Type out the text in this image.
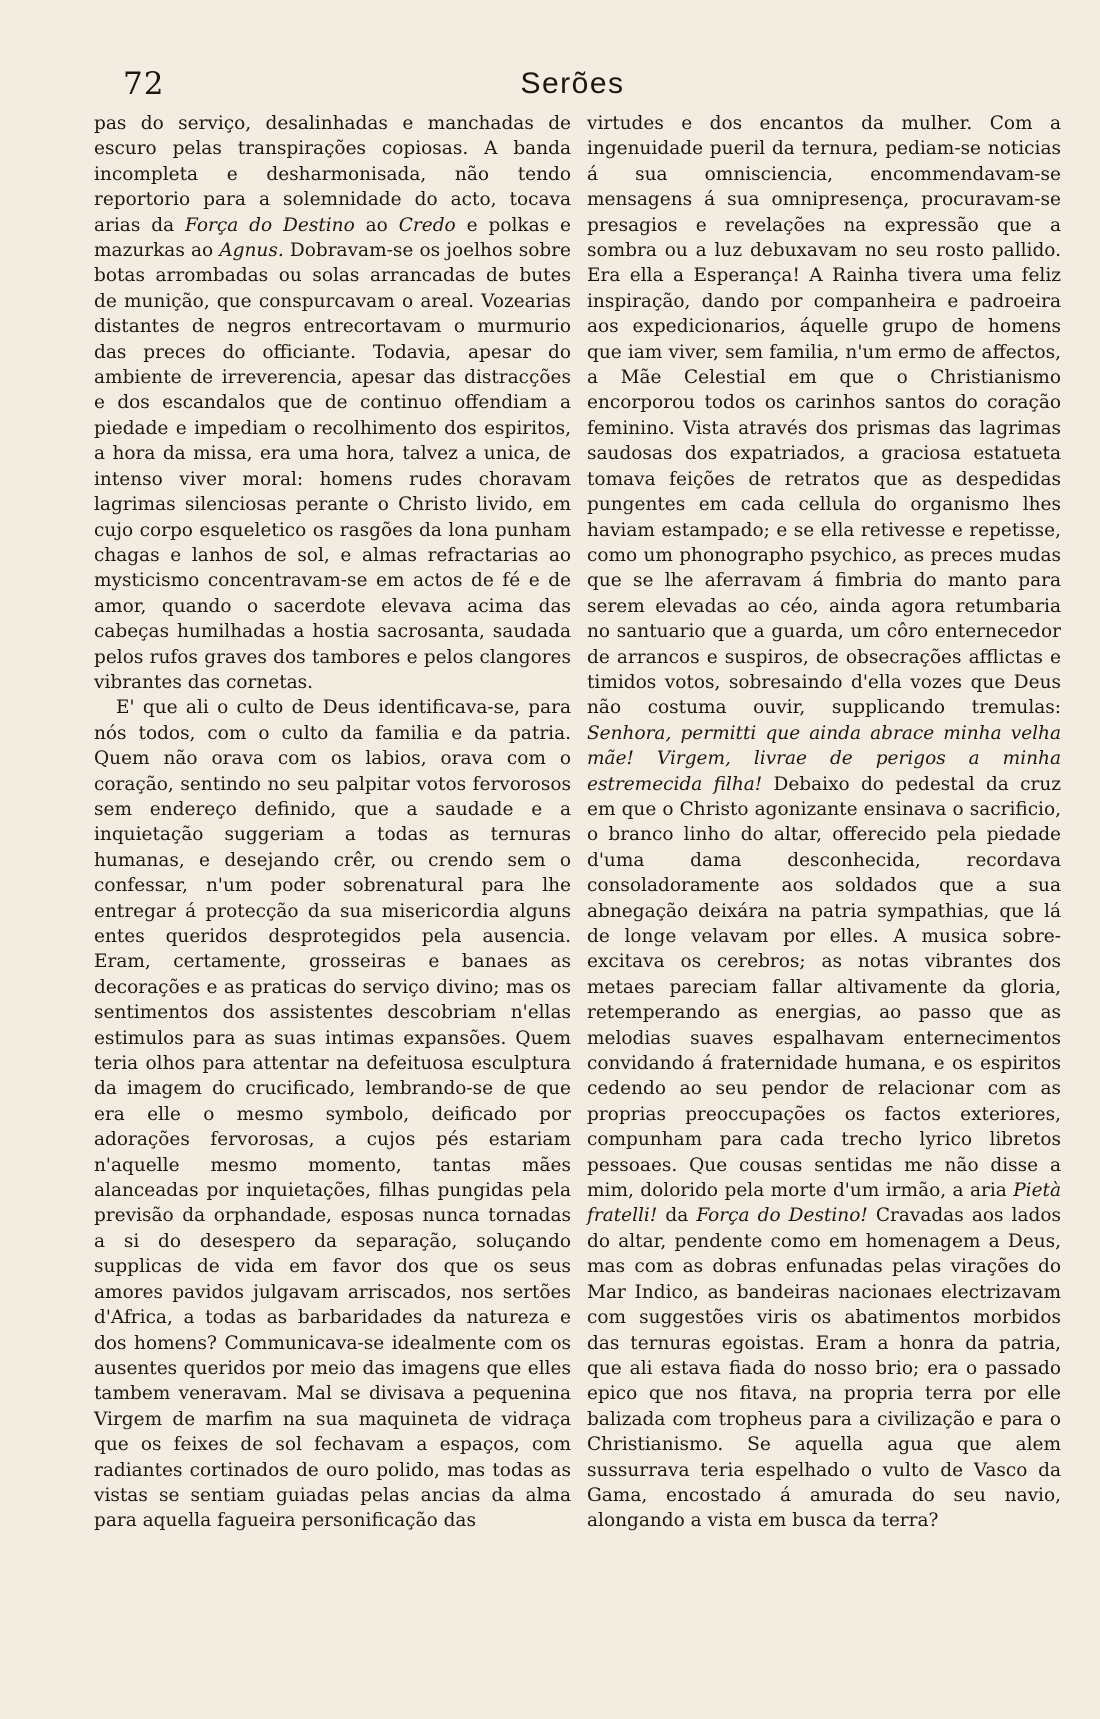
72	Serões

pas do serviço, desalinhadas e manchadas de escuro pelas transpirações copiosas. A banda incompleta e desharmonisada, não tendo reportorio para a solemnidade do acto, tocava arias da Força do Destino ao Credo e polkas e mazurkas ao Agnus. Dobravam-se os joelhos sobre botas arrombadas ou solas arrancadas de butes de munição, que conspurcavam o areal. Vozearias distantes de negros entrecortavam o murmurio das preces do officiante. Todavia, apesar do ambiente de irreverencia, apesar das distracções e dos escandalos que de continuo offendiam a piedade e impediam o recolhimento dos espiritos, a hora da missa, era uma hora, talvez a unica, de intenso viver moral: homens rudes choravam lagrimas silenciosas perante o Christo livido, em cujo corpo esqueletico os rasgões da lona punham chagas e lanhos de sol, e almas refractarias ao mysticismo concentravam-se em actos de fé e de amor, quando o sacerdote elevava acima das cabeças humilhadas a hostia sacrosanta, saudada pelos rufos graves dos tambores e pelos clangores vibrantes das cornetas.

E' que ali o culto de Deus identificava-se, para nós todos, com o culto da familia e da patria. Quem não orava com os labios, orava com o coração, sentindo no seu palpitar votos fervorosos sem endereço definido, que a saudade e a inquietação suggeriam a todas as ternuras humanas, e desejando crêr, ou crendo sem o confessar, n'um poder sobrenatural para lhe entregar á protecção da sua misericordia alguns entes queridos desprotegidos pela ausencia. Eram, certamente, grosseiras e banaes as decorações e as praticas do serviço divino; mas os sentimentos dos assistentes descobriam n'ellas estimulos para as suas intimas expansões. Quem teria olhos para attentar na defeituosa esculptura da imagem do crucificado, lembrando-se de que era elle o mesmo symbolo, deificado por adorações fervorosas, a cujos pés estariam n'aquelle mesmo momento, tantas mães alanceadas por inquietações, filhas pungidas pela previsão da orphandade, esposas nunca tornadas a si do desespero da separação, soluçando supplicas de vida em favor dos que os seus amores pavidos julgavam arriscados, nos sertões d'Africa, a todas as barbaridades da natureza e dos homens? Communicava-se idealmente com os ausentes queridos por meio das imagens que elles tambem veneravam. Mal se divisava a pequenina Virgem de marfim na sua maquineta de vidraça que os feixes de sol fechavam a espaços, com radiantes cortinados de ouro polido, mas todas as vistas se sentiam guiadas pelas ancias da alma para aquella fagueira personificação das

virtudes e dos encantos da mulher. Com a ingenuidade pueril da ternura, pediam-se noticias á sua omnisciencia, encommendavam-se mensagens á sua omnipresença, procuravam-se presagios e revelações na expressão que a sombra ou a luz debuxavam no seu rosto pallido. Era ella a Esperança! A Rainha tivera uma feliz inspiração, dando por companheira e padroeira aos expedicionarios, áquelle grupo de homens que iam viver, sem familia, n'um ermo de affectos, a Mãe Celestial em que o Christianismo encorporou todos os carinhos santos do coração feminino. Vista através dos prismas das lagrimas saudosas dos expatriados, a graciosa estatueta tomava feições de retratos que as despedidas pungentes em cada cellula do organismo lhes haviam estampado; e se ella retivesse e repetisse, como um phonographo psychico, as preces mudas que se lhe aferravam á fimbria do manto para serem elevadas ao céo, ainda agora retumbaria no santuario que a guarda, um côro enternecedor de arrancos e suspiros, de obsecrações afflictas e timidos votos, sobresaindo d'ella vozes que Deus não costuma ouvir, supplicando tremulas: Senhora, permitti que ainda abrace minha velha mãe! Virgem, livrae de perigos a minha estremecida filha! Debaixo do pedestal da cruz em que o Christo agonizante ensinava o sacrificio, o branco linho do altar, offerecido pela piedade d'uma dama desconhecida, recordava consoladoramente aos soldados que a sua abnegação deixára na patria sympathias, que lá de longe velavam por elles. A musica sobre-excitava os cerebros; as notas vibrantes dos metaes pareciam fallar altivamente da gloria, retemperando as energias, ao passo que as melodias suaves espalhavam enternecimentos convidando á fraternidade humana, e os espiritos cedendo ao seu pendor de relacionar com as proprias preoccupações os factos exteriores, compunham para cada trecho lyrico libretos pessoaes. Que cousas sentidas me não disse a mim, dolorido pela morte d'um irmão, a aria Pietà fratelli! da Força do Destino! Cravadas aos lados do altar, pendente como em homenagem a Deus, mas com as dobras enfunadas pelas virações do Mar Indico, as bandeiras nacionaes electrizavam com suggestões viris os abatimentos morbidos das ternuras egoistas. Eram a honra da patria, que ali estava fiada do nosso brio; era o passado epico que nos fitava, na propria terra por elle balizada com tropheus para a civilização e para o Christianismo. Se aquella agua que alem sussurrava teria espelhado o vulto de Vasco da Gama, encostado á amurada do seu navio, alongando a vista em busca da terra?
